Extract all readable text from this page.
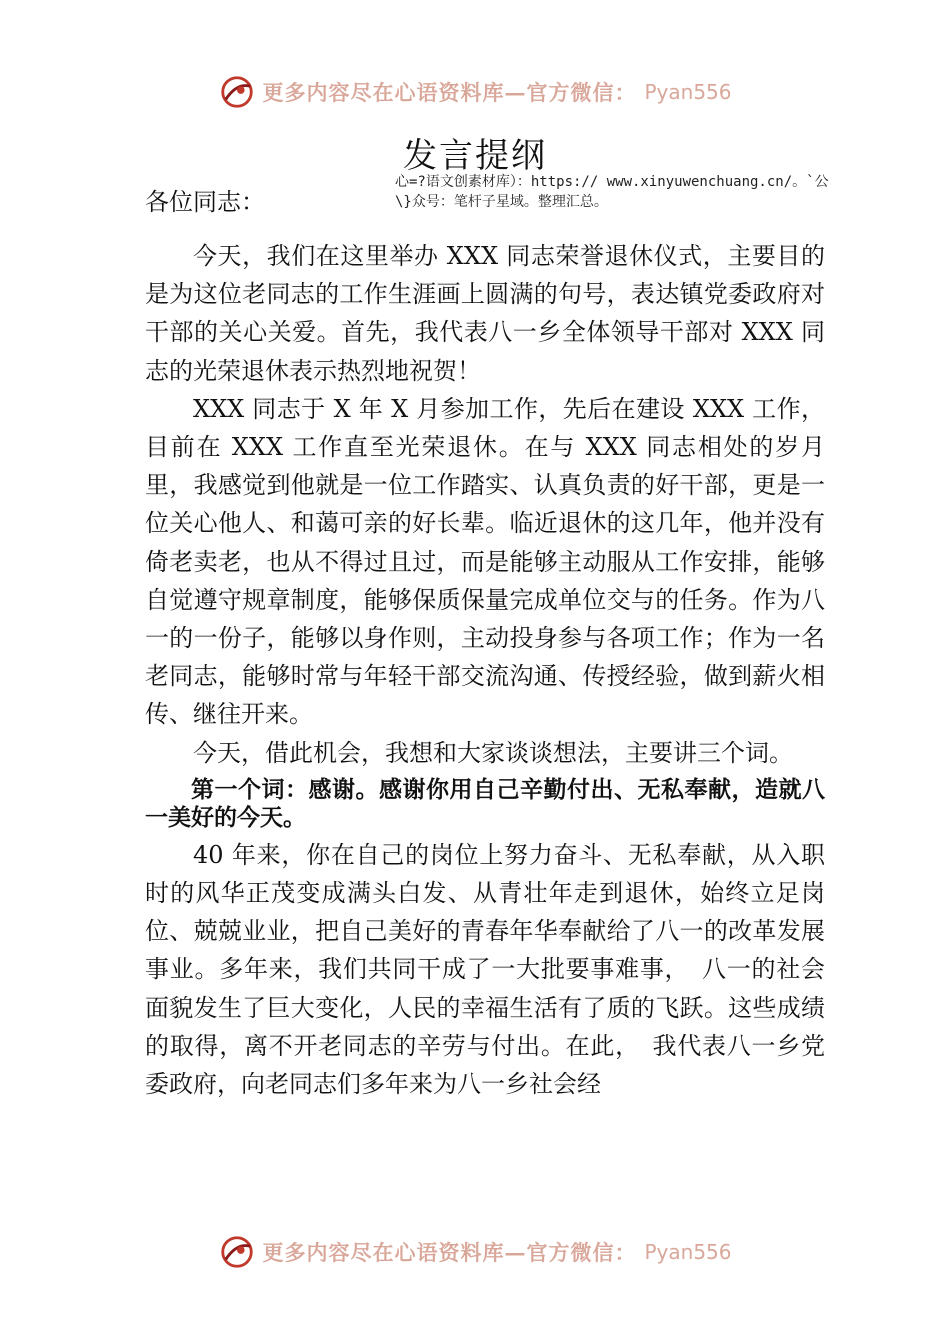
更多内容尽在心语资料库—官方微信： Pyan556
发言提纲

各位同志：

心=?语文创素材库）：https:// www.xinyuwenchuang.cn/。`公\}众号：笔杆子星域。整理汇总。

今天，我们在这里举办 XXX 同志荣誉退休仪式，主要目的是为这位老同志的工作生涯画上圆满的句号，表达镇党委政府对干部的关心关爱。首先，我代表八一乡全体领导干部对 XXX 同志的光荣退休表示热烈地祝贺！

XXX 同志于 X 年 X 月参加工作，先后在建设 XXX 工作，目前在 XXX 工作直至光荣退休。在与 XXX 同志相处的岁月里，我感觉到他就是一位工作踏实、认真负责的好干部，更是一位关心他人、和蔼可亲的好长辈。临近退休的这几年，他并没有倚老卖老，也从不得过且过，而是能够主动服从工作安排，能够自觉遵守规章制度，能够保质保量完成单位交与的任务。作为八一的一份子，能够以身作则，主动投身参与各项工作；作为一名老同志，能够时常与年轻干部交流沟通、传授经验，做到薪火相传、继往开来。

今天，借此机会，我想和大家谈谈想法，主要讲三个词。

第一个词：感谢。感谢你用自己辛勤付出、无私奉献，造就八一美好的今天。

40 年来，你在自己的岗位上努力奋斗、无私奉献，从入职时的风华正茂变成满头白发、从青壮年走到退休，始终立足岗位、兢兢业业，把自己美好的青春年华奉献给了八一的改革发展事业。多年来，我们共同干成了一大批要事难事，　八一的社会面貌发生了巨大变化，人民的幸福生活有了质的飞跃。这些成绩的取得，离不开老同志的辛劳与付出。在此，　我代表八一乡党委政府，向老同志们多年来为八一乡社会经

更多内容尽在心语资料库—官方微信： Pyan556
